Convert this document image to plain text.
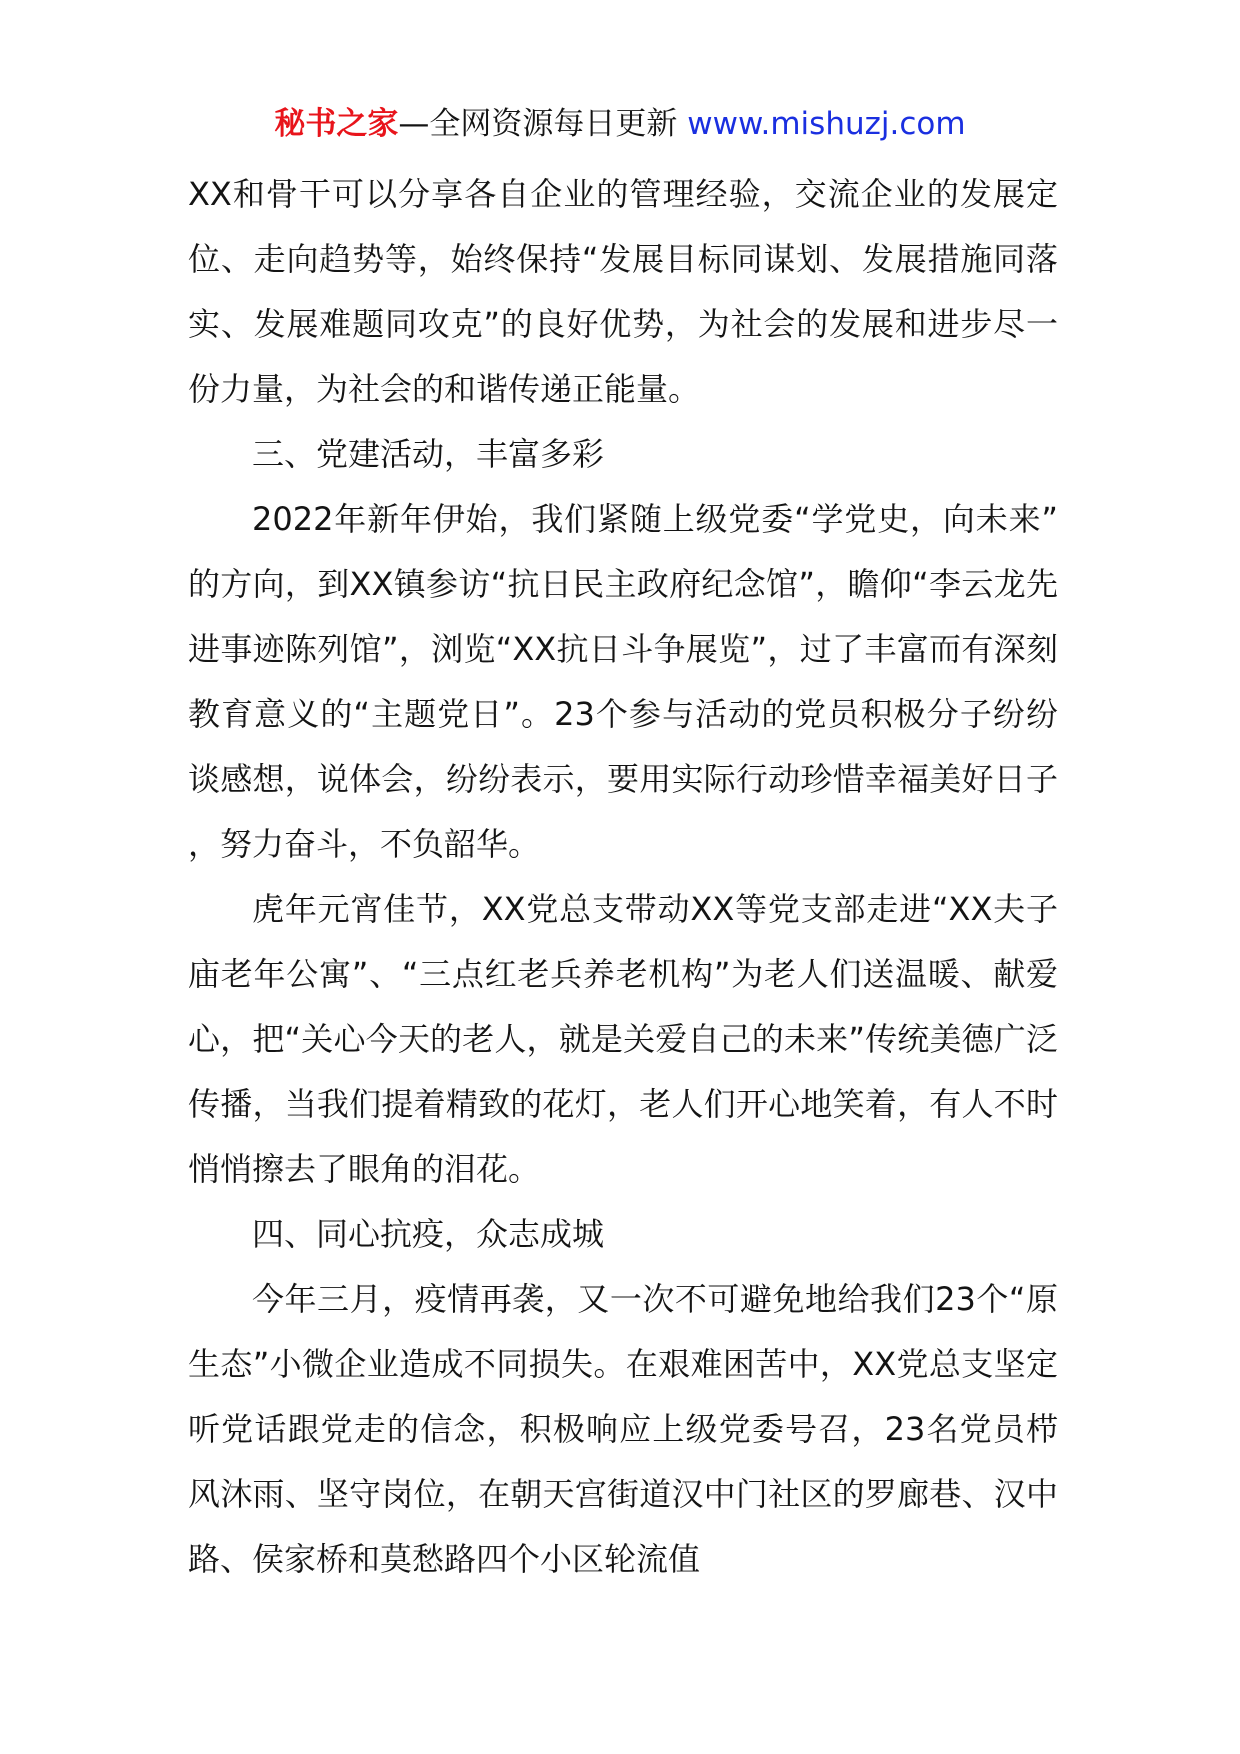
秘书之家—全网资源每日更新 www.mishuzj.com

XX和骨干可以分享各自企业的管理经验，交流企业的发展定位、走向趋势等，始终保持“发展目标同谋划、发展措施同落实、发展难题同攻克”的良好优势，为社会的发展和进步尽一份力量，为社会的和谐传递正能量。

三、党建活动，丰富多彩

2022年新年伊始，我们紧随上级党委“学党史，向未来”的方向，到XX镇参访“抗日民主政府纪念馆”，瞻仰“李云龙先进事迹陈列馆”，浏览“XX抗日斗争展览”，过了丰富而有深刻教育意义的“主题党日”。23个参与活动的党员积极分子纷纷谈感想，说体会，纷纷表示，要用实际行动珍惜幸福美好日子，努力奋斗，不负韶华。

虎年元宵佳节，XX党总支带动XX等党支部走进“XX夫子庙老年公寓”、“三点红老兵养老机构”为老人们送温暖、献爱心，把“关心今天的老人，就是关爱自己的未来”传统美德广泛传播，当我们提着精致的花灯，老人们开心地笑着，有人不时悄悄擦去了眼角的泪花。

四、同心抗疫，众志成城

今年三月，疫情再袭，又一次不可避免地给我们23个“原生态”小微企业造成不同损失。在艰难困苦中，XX党总支坚定听党话跟党走的信念，积极响应上级党委号召，23名党员栉风沐雨、坚守岗位，在朝天宫街道汉中门社区的罗廊巷、汉中路、侯家桥和莫愁路四个小区轮流值
